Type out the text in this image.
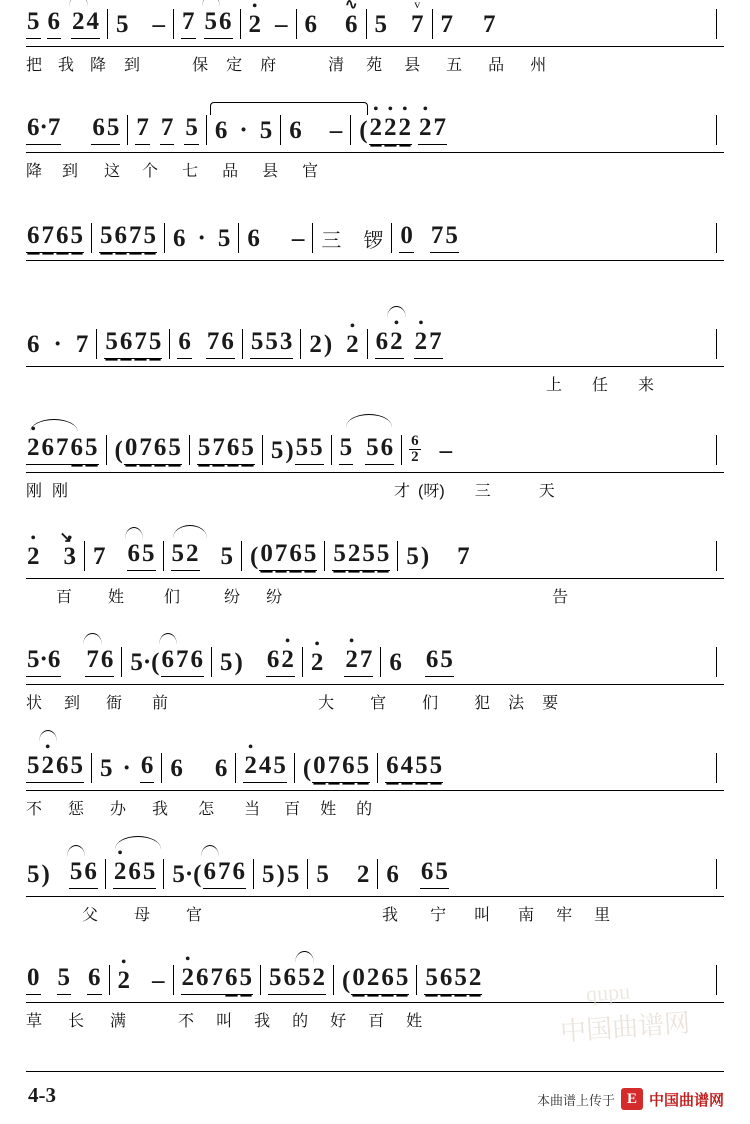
5 6 2 4 5 – 7 5 6 • 2 – 6 6
∿
5 7
v
7 7
把 我 降 到	保 定 府	清 苑 县 五 品 州
6·7 6 5 7 7 5 6 · 5 6 – ( • 2 • 2 • 2 • 2 7
降 到 这 个 七 品 县 官
6 7 6 5 5 6 7 5 6 · 5 6 – 三 锣 0 7 5
6 · 7 5 6 7 5 6 7 6 5 5 3 2 ) • 2 6 • 2 • 2 7
上 任 来
• 2 6 7 6 5 ( 0 7 6 5 5 7 6 5 5 ) 5 5 5 5 $6 \frac{6}{2}$ –
刚 刚	才 (呀) 三	天
• 2 • 3
↘
7 6 5 5 2 5 ( 0 7 6 5 5 2 5 5 5 ) 7
百 姓	们	纷 纷	告
5·6 7 6 5·( 6 7 6 5 ) 6 • 2 • 2 • 2 7 6 6 5
状 到 衙 前	大 官 们 犯 法 要
5 • 2 6 5 5 · 6 6 6 • 2 4 5 ( 0 7 6 5 6 4 5 5
不 惩 办 我 怎 当 百 姓 的
5 ) 5 6 • 2 6 5 5·( 6 7 6 5 ) 5 5 2 6 6 5
父 母 官	我 宁 叫 南 牢 里
0 5 6 • 2 – • 2 6 7 6 5 5 6 5 2 ( 0 2 6 5 5 6 5 2
草 长 满	不 叫 我 的 好 百 姓	中国曲谱网
qupu
4-3	本曲谱上传于 E 中国曲谱网
